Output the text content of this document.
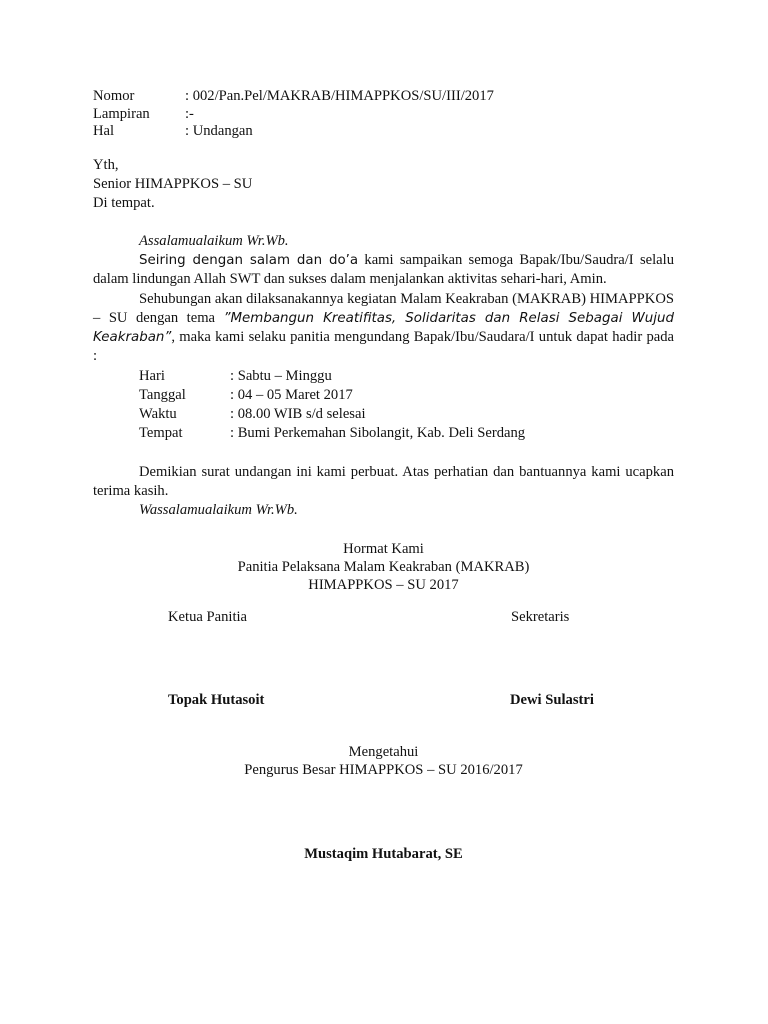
Nomor	: 002/Pan.Pel/MAKRAB/HIMAPPKOS/SU/III/2017
Lampiran :-
Hal	: Undangan
Yth,
Senior HIMAPPKOS – SU
Di tempat.
Assalamualaikum Wr.Wb.
Seiring dengan salam dan do’a kami sampaikan semoga Bapak/Ibu/Saudra/I selalu dalam lindungan Allah SWT dan sukses dalam menjalankan aktivitas sehari-hari, Amin.
Sehubungan akan dilaksanakannya kegiatan Malam Keakraban (MAKRAB) HIMAPPKOS – SU dengan tema ”Membangun Kreatifitas, Solidaritas dan Relasi Sebagai Wujud Keakraban”, maka kami selaku panitia mengundang Bapak/Ibu/Saudara/I untuk dapat hadir pada :
Hari	: Sabtu – Minggu
Tanggal	: 04 – 05 Maret 2017
Waktu	: 08.00 WIB s/d selesai
Tempat	: Bumi Perkemahan Sibolangit, Kab. Deli Serdang
Demikian surat undangan ini kami perbuat. Atas perhatian dan bantuannya kami ucapkan terima kasih.
Wassalamualaikum Wr.Wb.
Hormat Kami
Panitia Pelaksana Malam Keakraban (MAKRAB)
HIMAPPKOS – SU 2017
Ketua Panitia	Sekretaris
Topak Hutasoit	Dewi Sulastri
Mengetahui
Pengurus Besar HIMAPPKOS – SU 2016/2017
Mustaqim Hutabarat, SE
